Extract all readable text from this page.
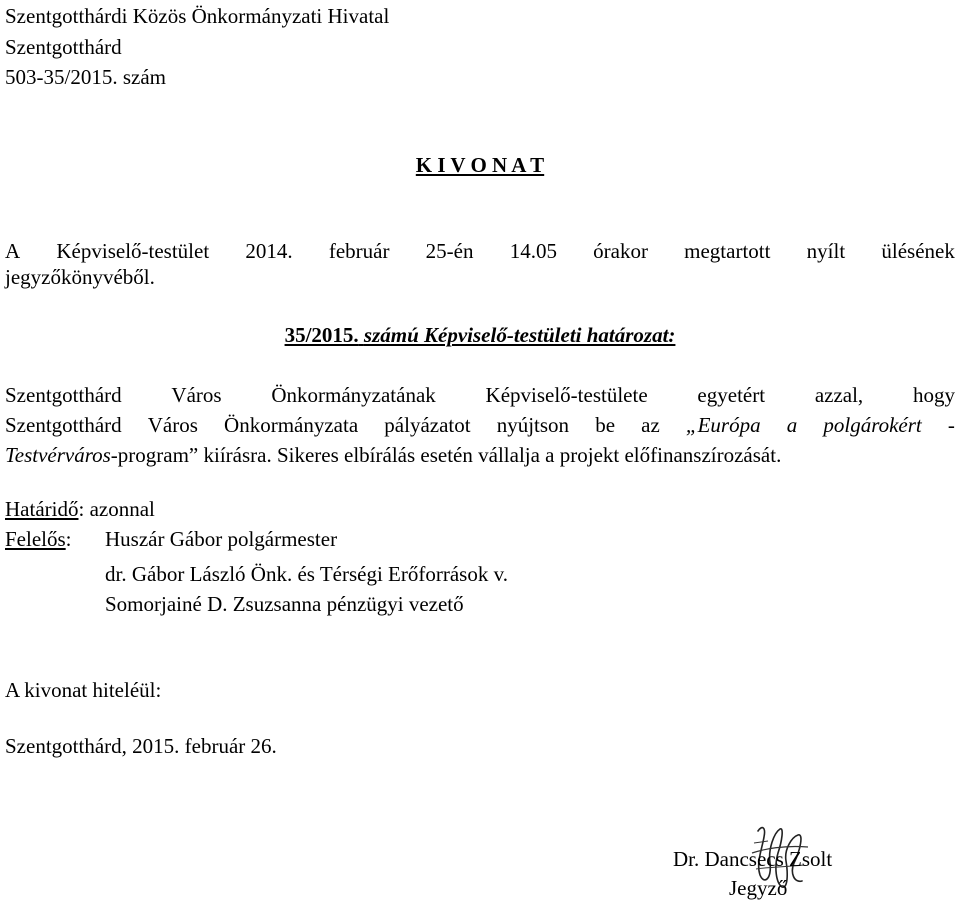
Szentgotthárdi Közös Önkormányzati Hivatal
Szentgotthárd
503-35/2015. szám
K I V O N A T
A Képviselő-testület 2014. február 25-én 14.05 órakor megtartott nyílt ülésének
jegyzőkönyvéből.
35/2015. számú Képviselő-testületi határozat:
Szentgotthárd Város Önkormányzatának Képviselő-testülete egyetért azzal, hogy
Szentgotthárd Város Önkormányzata pályázatot nyújtson be az „Európa a polgárokért -
Testvérváros-program” kiírásra. Sikeres elbírálás esetén vállalja a projekt előfinanszírozását.
Határidő: azonnal
Felelős: Huszár Gábor polgármester
dr. Gábor László Önk. és Térségi Erőforrások v.
Somorjainé D. Zsuzsanna pénzügyi vezető
A kivonat hiteléül:
Szentgotthárd, 2015. február 26.
Dr. Dancsecs Zsolt
Jegyző
